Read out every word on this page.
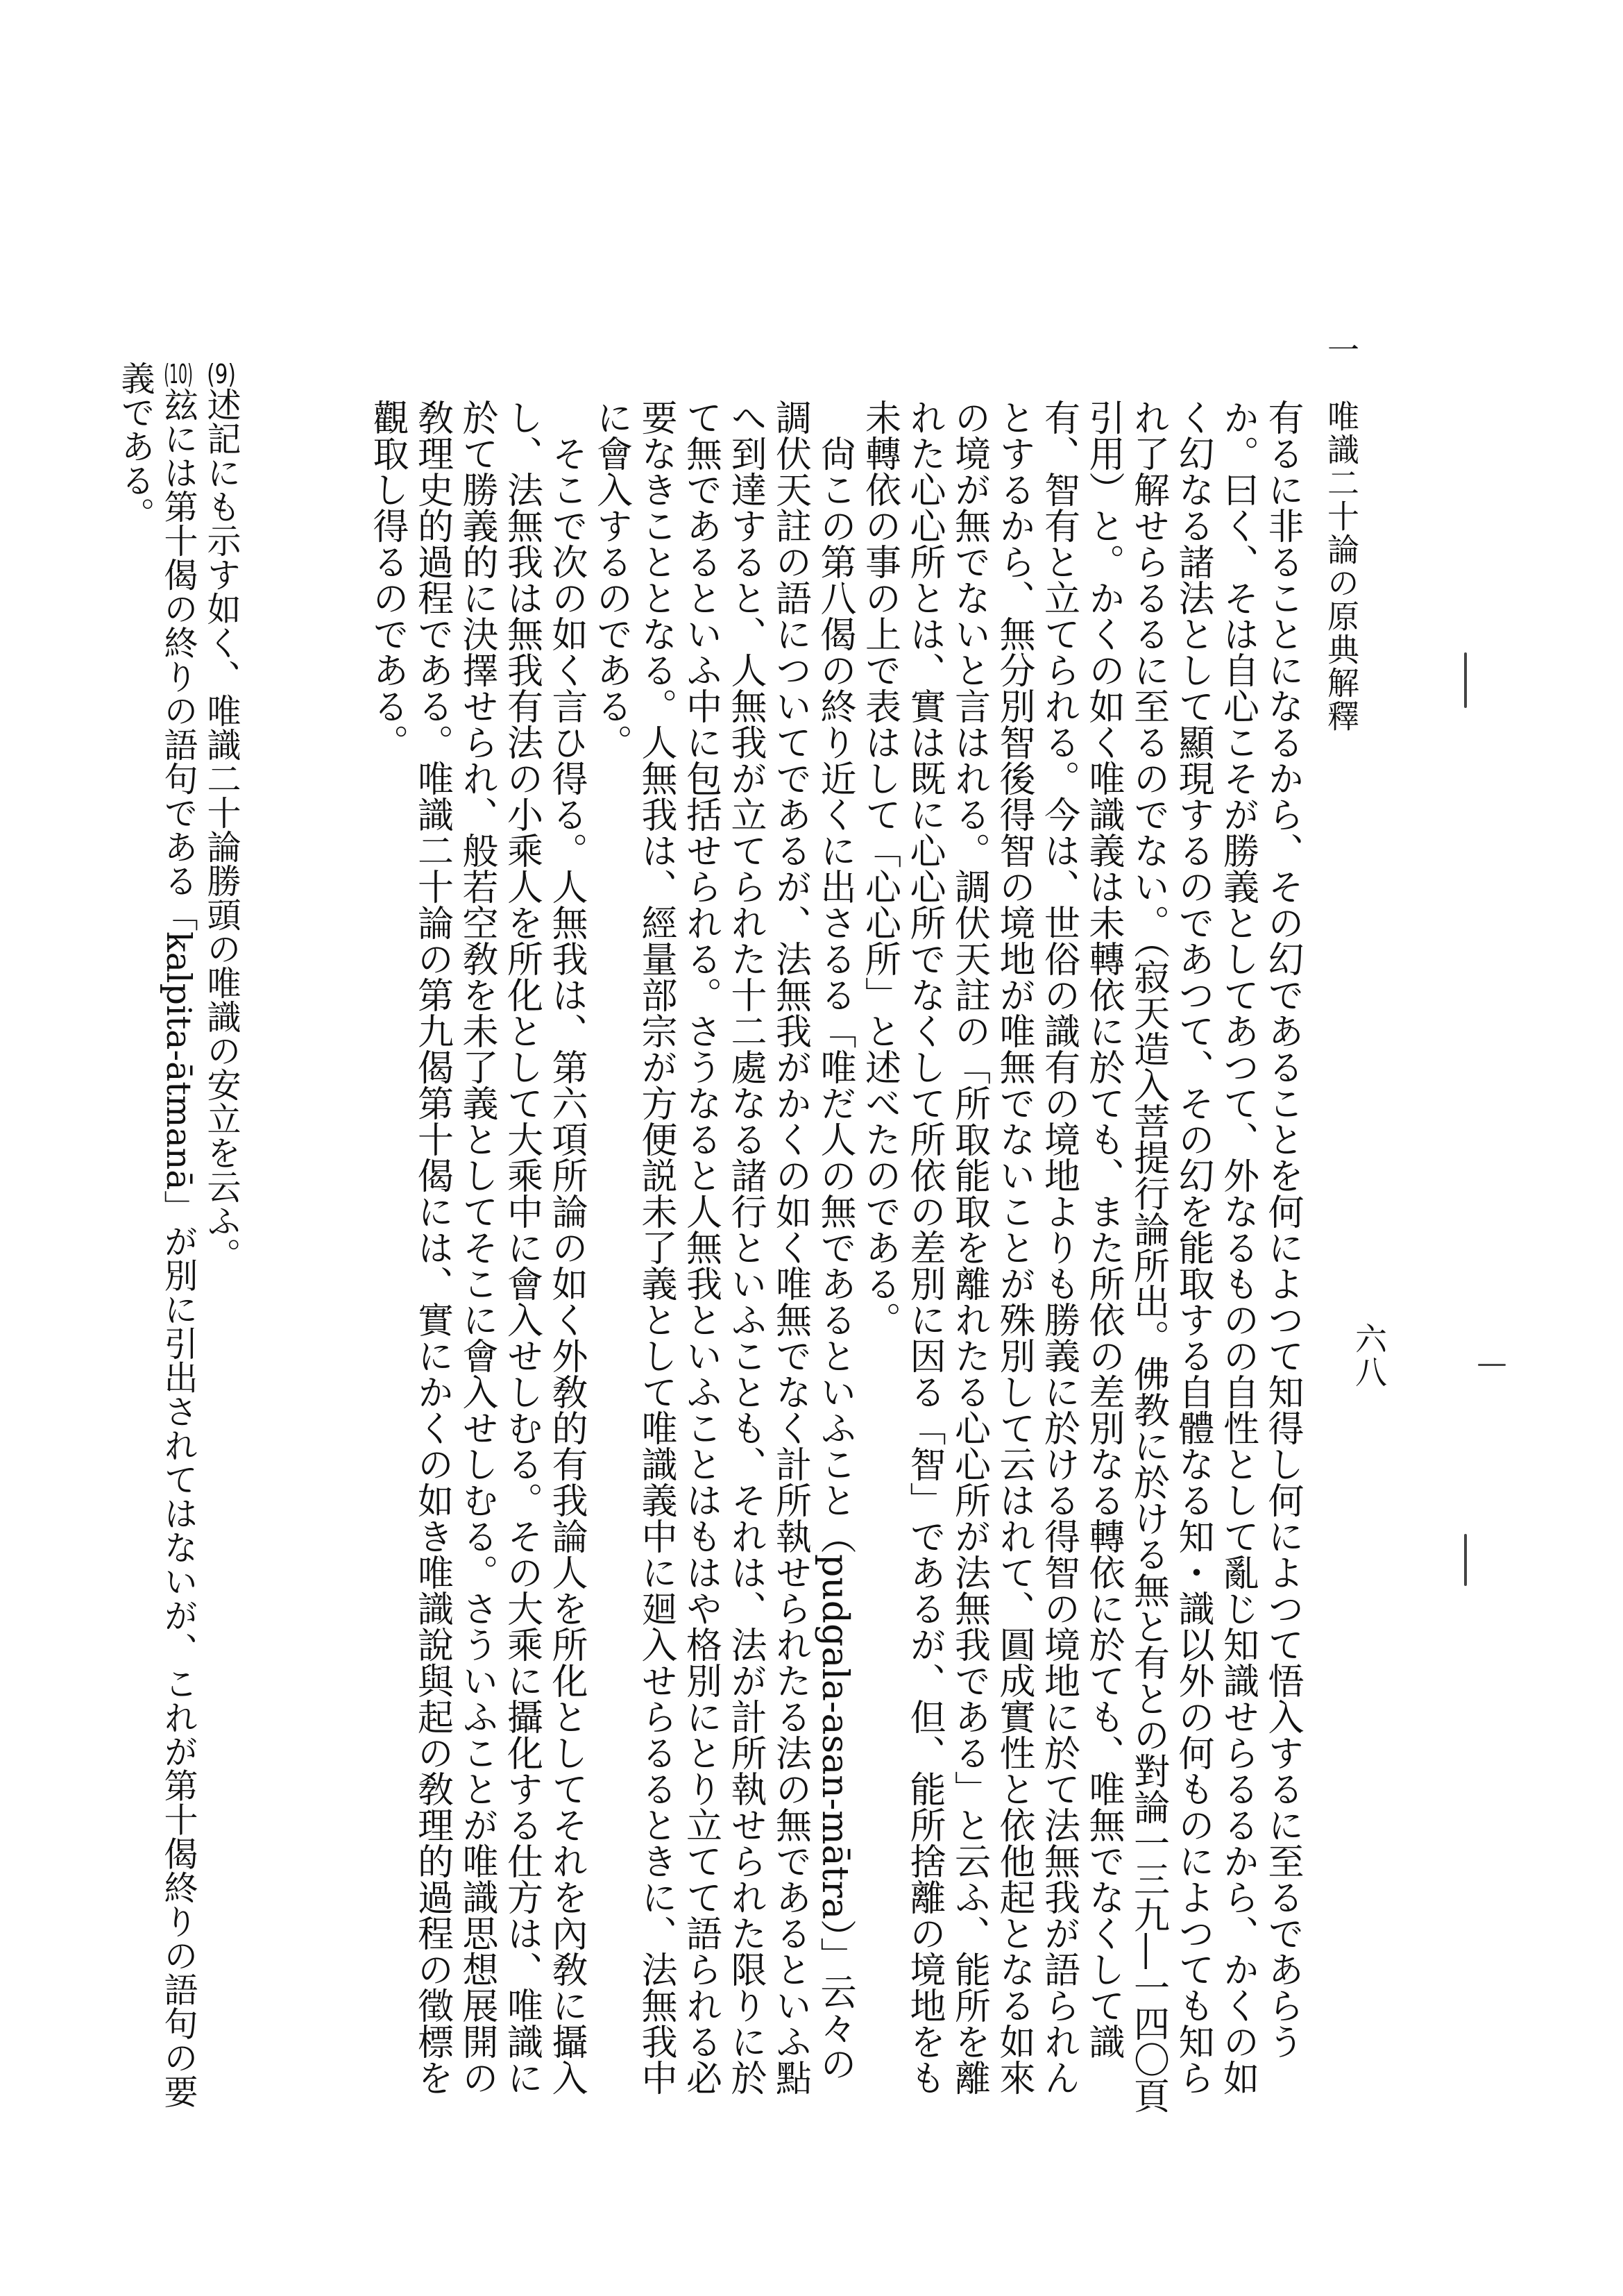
一　唯識二十論の原典解釋
六八

有るに非ることになるから、その幻であることを何によつて知得し何によつて悟入するに至るであらうか。曰く、そは自心こそが勝義としてあつて、外なるものの自性として亂じ知識せらるるから、かくの如く幻なる諸法として顯現するのであつて、その幻を能取する自體なる知・識以外の何ものによつても知られ了解せらるるに至るのでない。（寂天造入菩提行論所出。佛教に於ける無と有との對論一三九―一四〇頁引用）と。かくの如く唯識義は未轉依に於ても、また所依の差別なる轉依に於ても、唯無でなくして識有、智有と立てられる。今は、世俗の識有の境地よりも勝義に於ける得智の境地に於て法無我が語られんとするから、無分別智後得智の境地が唯無でないことが殊別して云はれて、圓成實性と依他起となる如來の境が無でないと言はれる。調伏天註の「所取能取を離れたる心心所が法無我である」と云ふ、能所を離れた心心所とは、實は既に心心所でなくして所依の差別に因る「智」であるが、但、能所捨離の境地をも未轉依の事の上で表はして「心心所」と述べたのである。

尙この第八偈の終り近くに出さるる「唯だ人の無であるといふこと（pudgala-asan-mātra）」云々の調伏天註の語についてであるが、法無我がかくの如く唯無でなく計所執せられたる法の無であるといふ點へ到達すると、人無我が立てられた十二處なる諸行といふことも、それは、法が計所執せられた限りに於て無であるといふ中に包括せられる。さうなると人無我といふことはもはや格別にとり立てて語られる必要なきこととなる。人無我は、經量部宗が方便説未了義として唯識義中に廻入せらるるときに、法無我中に會入するのである。

そこで次の如く言ひ得る。人無我は、第六項所論の如く外敎的有我論人を所化としてそれを內敎に攝入し、法無我は無我有法の小乘人を所化として大乘中に會入せしむる。その大乘に攝化する仕方は、唯識に於て勝義的に決擇せられ、般若空敎を未了義としてそこに會入せしむる。さういふことが唯識思想展開の敎理史的過程である。唯識二十論の第九偈第十偈には、實にかくの如き唯識說與起の敎理的過程の徵標を觀取し得るのである。

(9)述記にも示す如く、唯識二十論勝頭の唯識の安立を云ふ。

(10)玆には第十偈の終りの語句である「kalpita-ātmanā」が別に引出されてはないが、これが第十偈終りの語句の要義である。
